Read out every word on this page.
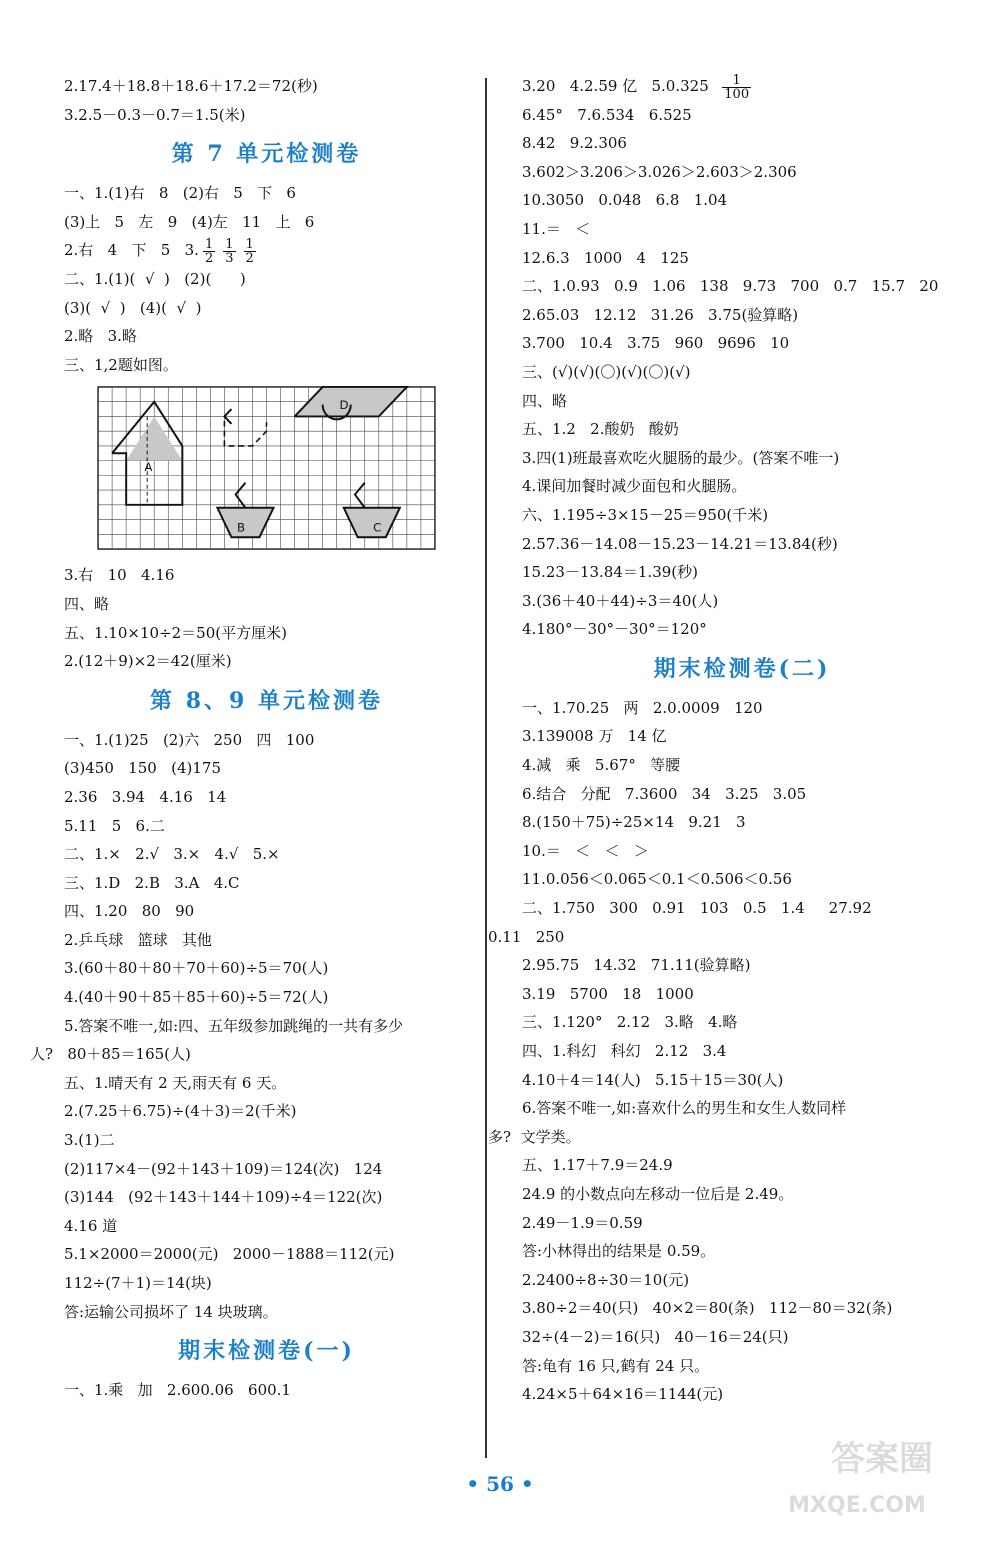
2.17.4＋18.8＋18.6＋17.2＝72(秒)
3.2.5－0.3－0.7＝1.5(米)
第 7 单元检测卷
一、1.(1)右   8   (2)右   5   下   6
(3)上   5   左   9   (4)左   11   上   6
2.右   4   下   5   3. $\frac{1}{2} \frac{1}{3} \frac{1}{2}$
二、1.(1)(  √  )   (2)(      )
(3)(  √  )   (4)(  √  )
2.略   3.略
三、1,2题如图。
A
B	C
D
3.右   10   4.16
四、略
五、1.10×10÷2＝50(平方厘米)
2.(12＋9)×2＝42(厘米)
第 8、9 单元检测卷
一、1.(1)25   (2)六   250   四   100
(3)450   150   (4)175
2.36   3.94   4.16   14
5.11   5   6.二
二、1.×   2.√   3.×   4.√   5.×
三、1.D   2.B   3.A   4.C
四、1.20   80   90
2.乒乓球   篮球   其他
3.(60＋80＋80＋70＋60)÷5＝70(人)
4.(40＋90＋85＋85＋60)÷5＝72(人)
5.答案不唯一,如:四、五年级参加跳绳的一共有多少
人?   80＋85＝165(人)
五、1.晴天有 2 天,雨天有 6 天。
2.(7.25＋6.75)÷(4＋3)＝2(千米)
3.(1)二
(2)117×4－(92＋143＋109)＝124(次)   124
(3)144   (92＋143＋144＋109)÷4＝122(次)
4.16 道
5.1×2000＝2000(元)   2000－1888＝112(元)
112÷(7＋1)＝14(块)
答:运输公司损坏了 14 块玻璃。
期末检测卷(一)
一、1.乘   加   2.600.06   600.1
3.20   4.2.59 亿   $5.0.325 \frac{1}{100}$
6.45°   7.6.534   6.525
8.42   9.2.306
3.602＞3.206＞3.026＞2.603＞2.306
10.3050   0.048   6.8   1.04
11.＝   ＜
12.6.3   1000   4   125
二、1.0.93   0.9   1.06   138   9.73   700   0.7   15.7   20
2.65.03   12.12   31.26   3.75(验算略)
3.700   10.4   3.75   960   9696   10
三、(√)(√)(〇)(√)(〇)(√)
四、略
五、1.2   2.酸奶   酸奶
3.四(1)班最喜欢吃火腿肠的最少。(答案不唯一)
4.课间加餐时减少面包和火腿肠。
六、1.195÷3×15－25＝950(千米)
2.57.36－14.08－15.23－14.21＝13.84(秒)
15.23－13.84＝1.39(秒)
3.(36＋40＋44)÷3＝40(人)
4.180°－30°－30°＝120°
期末检测卷(二)
一、1.70.25   两   2.0.0009   120
3.139008 万   14 亿
4.减   乘   5.67°   等腰
6.结合   分配   7.3600   34   3.25   3.05
8.(150＋75)÷25×14   9.21   3
10.＝   ＜   ＜   ＞
11.0.056＜0.065＜0.1＜0.506＜0.56
二、1.750   300   0.91   103   0.5   1.4     27.92
0.11   250
2.95.75   14.32   71.11(验算略)
3.19   5700   18   1000
三、1.120°   2.12   3.略   4.略
四、1.科幻   科幻   2.12   3.4
4.10＋4＝14(人)   5.15＋15＝30(人)
6.答案不唯一,如:喜欢什么的男生和女生人数同样
多?  文学类。
五、1.17＋7.9＝24.9
24.9 的小数点向左移动一位后是 2.49。
2.49－1.9＝0.59
答:小林得出的结果是 0.59。
2.2400÷8÷30＝10(元)
3.80÷2＝40(只)   40×2＝80(条)   112－80＝32(条)
32÷(4－2)＝16(只)   40－16＝24(只)
答:龟有 16 只,鹤有 24 只。
4.24×5＋64×16＝1144(元)
• 56 •
答案圈
MXQE.COM
